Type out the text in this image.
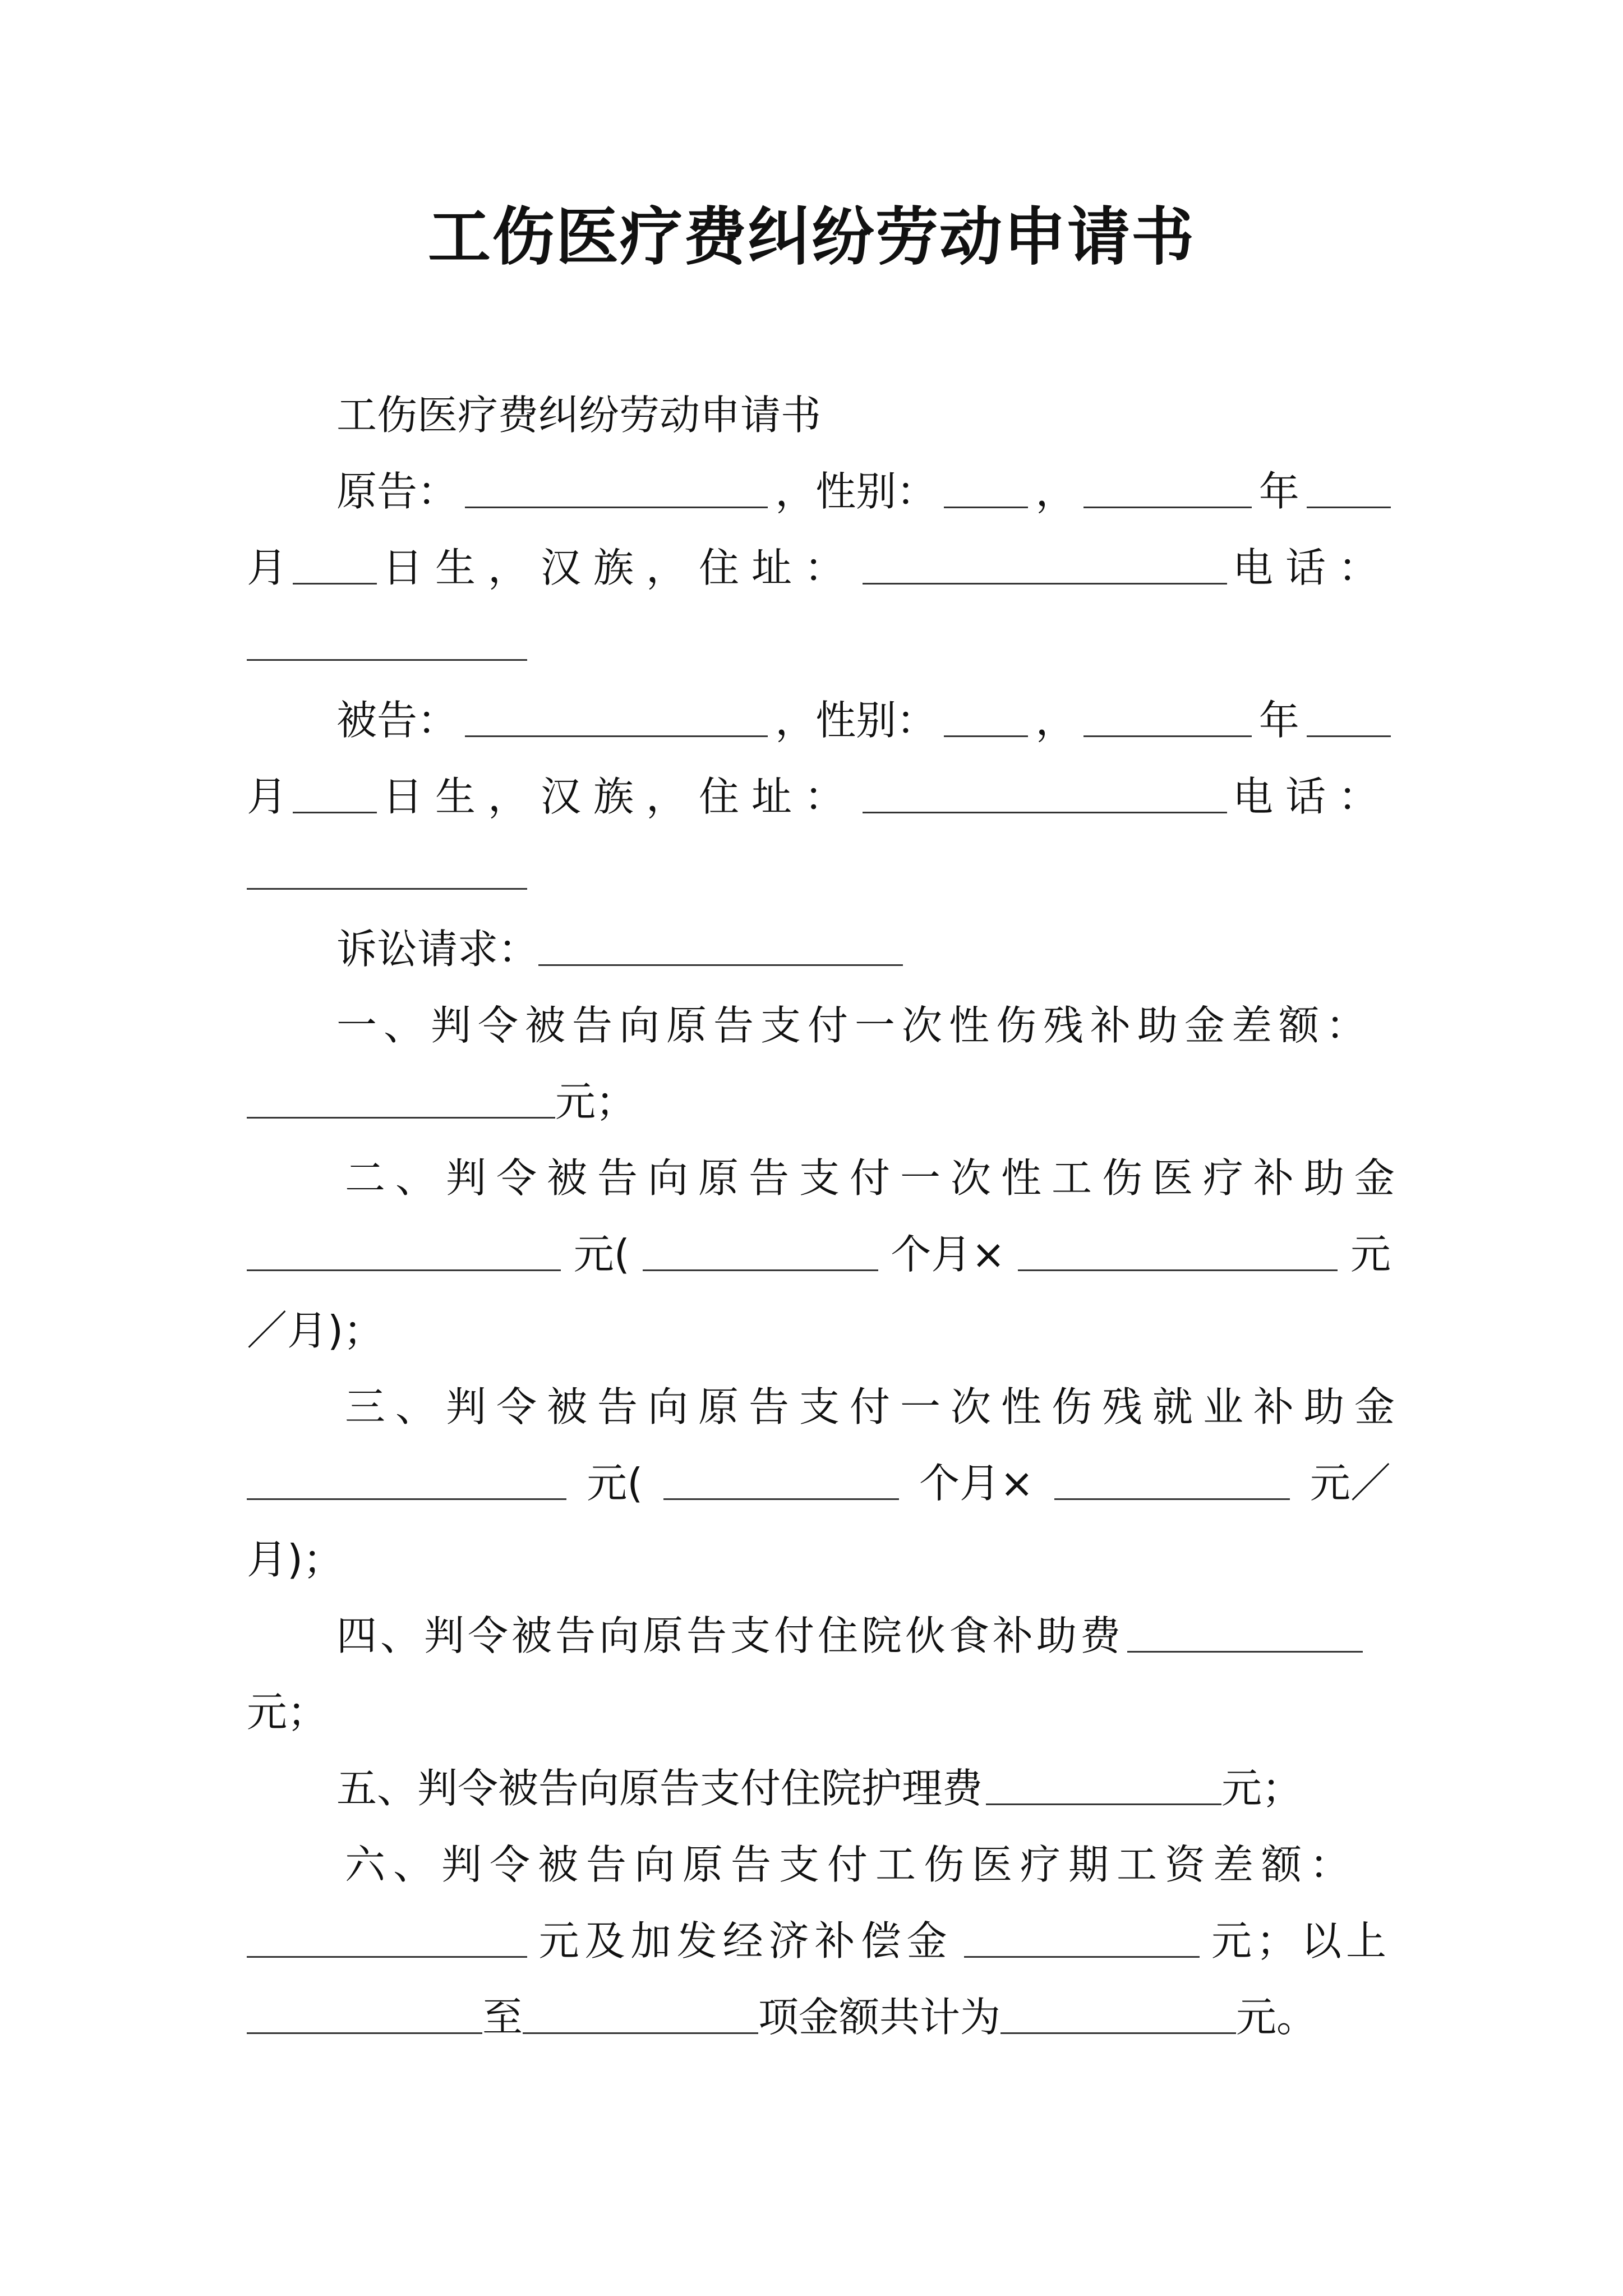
工伤医疗费纠纷劳动申请书
工伤医疗费纠纷劳动申请书
原告：	，性别： ，	年
月 日生，汉族，住址：	电话：
被告：	，性别： ，	年
月 日生，汉族，住址：	电话：
诉讼请求：
一、判令被告向原告支付一次性伤残补助金差额：
元；
二、判令被告向原告支付一次性工伤医疗补助金
元(	个月×	元
／月)；
三、判令被告向原告支付一次性伤残就业补助金
元(	个月×	元／
月)；
四、判令被告向原告支付住院伙食补助费
元；
五、判令被告向原告支付住院护理费	元；
六、判令被告向原告支付工伤医疗期工资差额：
元及加发经济补偿金	元；以上
至	项金额共计为	元。
